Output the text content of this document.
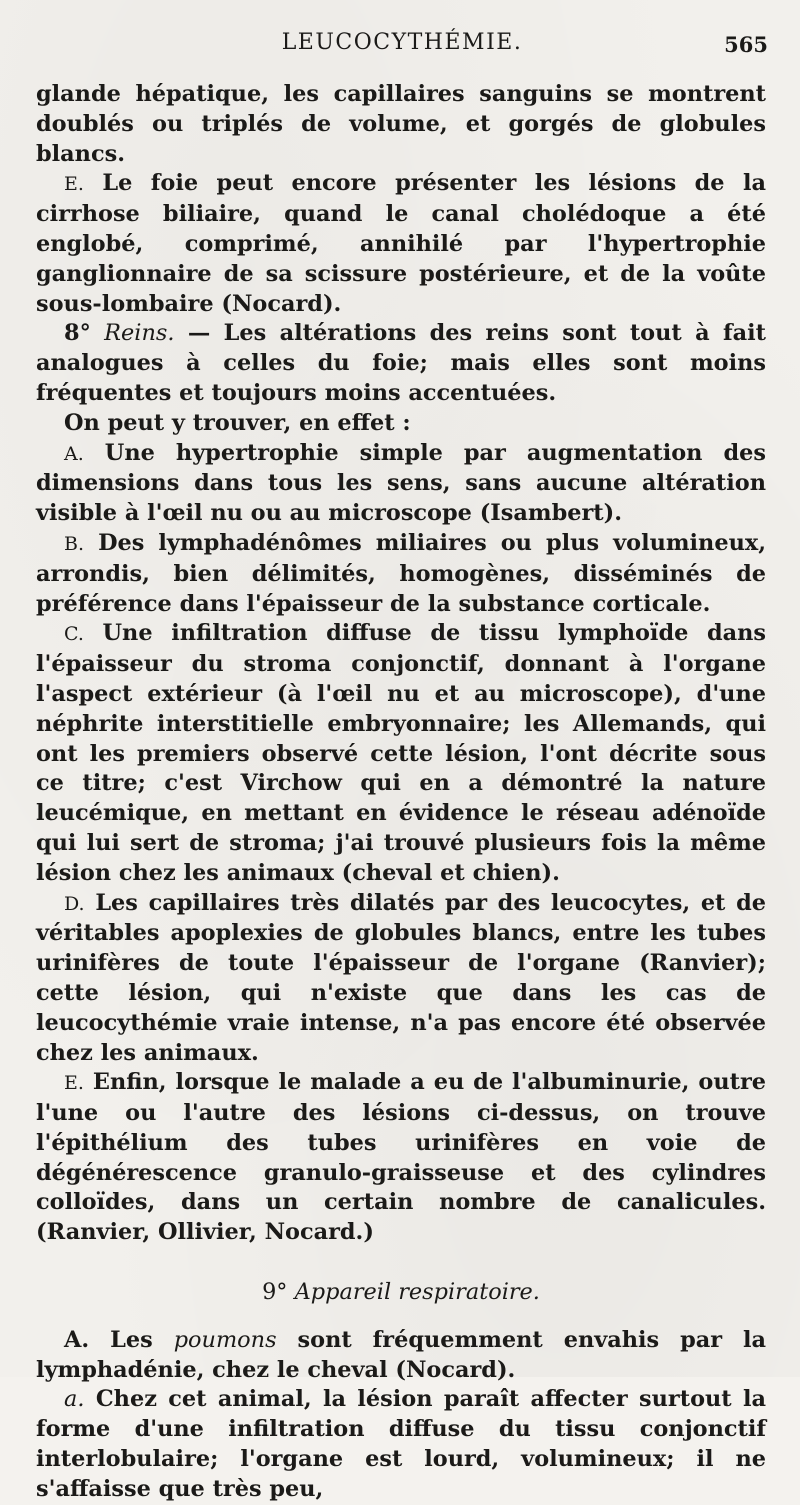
LEUCOCYTHÉMIE.	565

glande hépatique, les capillaires sanguins se montrent doublés ou triplés de volume, et gorgés de globules blancs.

E. Le foie peut encore présenter les lésions de la cirrhose biliaire, quand le canal cholédoque a été englobé, comprimé, annihilé par l'hypertrophie ganglionnaire de sa scissure postérieure, et de la voûte sous-lombaire (Nocard).

8° Reins. — Les altérations des reins sont tout à fait analogues à celles du foie; mais elles sont moins fréquentes et toujours moins accentuées.

On peut y trouver, en effet :

A. Une hypertrophie simple par augmentation des dimensions dans tous les sens, sans aucune altération visible à l'œil nu ou au microscope (Isambert).

B. Des lymphadénômes miliaires ou plus volumineux, arrondis, bien délimités, homogènes, disséminés de préférence dans l'épaisseur de la substance corticale.

C. Une infiltration diffuse de tissu lymphoïde dans l'épaisseur du stroma conjonctif, donnant à l'organe l'aspect extérieur (à l'œil nu et au microscope), d'une néphrite interstitielle embryonnaire; les Allemands, qui ont les premiers observé cette lésion, l'ont décrite sous ce titre; c'est Virchow qui en a démontré la nature leucémique, en mettant en évidence le réseau adénoïde qui lui sert de stroma; j'ai trouvé plusieurs fois la même lésion chez les animaux (cheval et chien).

D. Les capillaires très dilatés par des leucocytes, et de véritables apoplexies de globules blancs, entre les tubes urinifères de toute l'épaisseur de l'organe (Ranvier); cette lésion, qui n'existe que dans les cas de leucocythémie vraie intense, n'a pas encore été observée chez les animaux.

E. Enfin, lorsque le malade a eu de l'albuminurie, outre l'une ou l'autre des lésions ci-dessus, on trouve l'épithélium des tubes urinifères en voie de dégénérescence granulo-graisseuse et des cylindres colloïdes, dans un certain nombre de canalicules. (Ranvier, Ollivier, Nocard.)

9° Appareil respiratoire.

A. Les poumons sont fréquemment envahis par la lymphadénie, chez le cheval (Nocard).

a. Chez cet animal, la lésion paraît affecter surtout la forme d'une infiltration diffuse du tissu conjonctif interlobulaire; l'organe est lourd, volumineux; il ne s'affaisse que très peu,
